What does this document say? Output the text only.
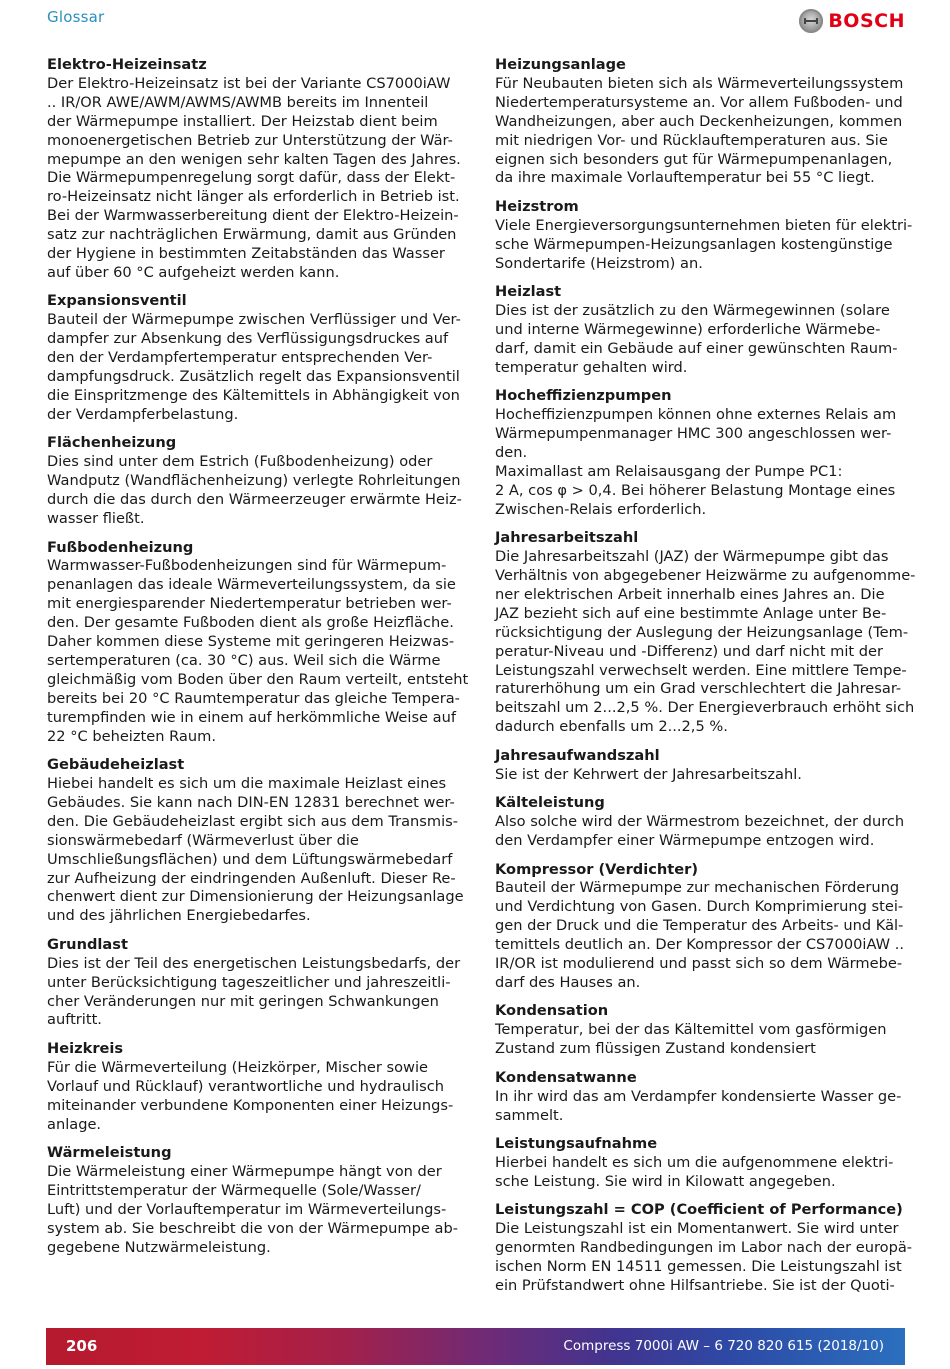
Glossar	BOSCH
Elektro-Heizeinsatz
Der Elektro-Heizeinsatz ist bei der Variante CS7000iAW
.. IR/OR AWE/AWM/AWMS/AWMB bereits im Innenteil
der Wärmepumpe installiert. Der Heizstab dient beim
monoenergetischen Betrieb zur Unterstützung der Wär-
mepumpe an den wenigen sehr kalten Tagen des Jahres.
Die Wärmepumpenregelung sorgt dafür, dass der Elekt-
ro-Heizeinsatz nicht länger als erforderlich in Betrieb ist.
Bei der Warmwasserbereitung dient der Elektro-Heizein-
satz zur nachträglichen Erwärmung, damit aus Gründen
der Hygiene in bestimmten Zeitabständen das Wasser
auf über 60 °C aufgeheizt werden kann.
Expansionsventil
Bauteil der Wärmepumpe zwischen Verflüssiger und Ver-
dampfer zur Absenkung des Verflüssigungsdruckes auf
den der Verdampfertemperatur entsprechenden Ver-
dampfungsdruck. Zusätzlich regelt das Expansionsventil
die Einspritzmenge des Kältemittels in Abhängigkeit von
der Verdampferbelastung.
Flächenheizung
Dies sind unter dem Estrich (Fußbodenheizung) oder
Wandputz (Wandflächenheizung) verlegte Rohrleitungen
durch die das durch den Wärmeerzeuger erwärmte Heiz-
wasser fließt.
Fußbodenheizung
Warmwasser-Fußbodenheizungen sind für Wärmepum-
penanlagen das ideale Wärmeverteilungssystem, da sie
mit energiesparender Niedertemperatur betrieben wer-
den. Der gesamte Fußboden dient als große Heizfläche.
Daher kommen diese Systeme mit geringeren Heizwas-
sertemperaturen (ca. 30 °C) aus. Weil sich die Wärme
gleichmäßig vom Boden über den Raum verteilt, entsteht
bereits bei 20 °C Raumtemperatur das gleiche Tempera-
turempfinden wie in einem auf herkömmliche Weise auf
22 °C beheizten Raum.
Gebäudeheizlast
Hiebei handelt es sich um die maximale Heizlast eines
Gebäudes. Sie kann nach DIN-EN 12831 berechnet wer-
den. Die Gebäudeheizlast ergibt sich aus dem Transmis-
sionswärmebedarf (Wärmeverlust über die
Umschließungsflächen) und dem Lüftungswärmebedarf
zur Aufheizung der eindringenden Außenluft. Dieser Re-
chenwert dient zur Dimensionierung der Heizungsanlage
und des jährlichen Energiebedarfes.
Grundlast
Dies ist der Teil des energetischen Leistungsbedarfs, der
unter Berücksichtigung tageszeitlicher und jahreszeitli-
cher Veränderungen nur mit geringen Schwankungen
auftritt.
Heizkreis
Für die Wärmeverteilung (Heizkörper, Mischer sowie
Vorlauf und Rücklauf) verantwortliche und hydraulisch
miteinander verbundene Komponenten einer Heizungs-
anlage.
Wärmeleistung
Die Wärmeleistung einer Wärmepumpe hängt von der
Eintrittstemperatur der Wärmequelle (Sole/Wasser/
Luft) und der Vorlauftemperatur im Wärmeverteilungs-
system ab. Sie beschreibt die von der Wärmepumpe ab-
gegebene Nutzwärmeleistung.
Heizungsanlage
Für Neubauten bieten sich als Wärmeverteilungssystem
Niedertemperatursysteme an. Vor allem Fußboden- und
Wandheizungen, aber auch Deckenheizungen, kommen
mit niedrigen Vor- und Rücklauftemperaturen aus. Sie
eignen sich besonders gut für Wärmepumpenanlagen,
da ihre maximale Vorlauftemperatur bei 55 °C liegt.
Heizstrom
Viele Energieversorgungsunternehmen bieten für elektri-
sche Wärmepumpen-Heizungsanlagen kostengünstige
Sondertarife (Heizstrom) an.
Heizlast
Dies ist der zusätzlich zu den Wärmegewinnen (solare
und interne Wärmegewinne) erforderliche Wärmebe-
darf, damit ein Gebäude auf einer gewünschten Raum-
temperatur gehalten wird.
Hocheffizienzpumpen
Hocheffizienzpumpen können ohne externes Relais am
Wärmepumpenmanager HMC 300 angeschlossen wer-
den.
Maximallast am Relaisausgang der Pumpe PC1:
2 A, cos φ > 0,4. Bei höherer Belastung Montage eines
Zwischen-Relais erforderlich.
Jahresarbeitszahl
Die Jahresarbeitszahl (JAZ) der Wärmepumpe gibt das
Verhältnis von abgegebener Heizwärme zu aufgenomme-
ner elektrischen Arbeit innerhalb eines Jahres an. Die
JAZ bezieht sich auf eine bestimmte Anlage unter Be-
rücksichtigung der Auslegung der Heizungsanlage (Tem-
peratur-Niveau und -Differenz) und darf nicht mit der
Leistungszahl verwechselt werden. Eine mittlere Tempe-
raturerhöhung um ein Grad verschlechtert die Jahresar-
beitszahl um 2...2,5 %. Der Energieverbrauch erhöht sich
dadurch ebenfalls um 2...2,5 %.
Jahresaufwandszahl
Sie ist der Kehrwert der Jahresarbeitszahl.
Kälteleistung
Also solche wird der Wärmestrom bezeichnet, der durch
den Verdampfer einer Wärmepumpe entzogen wird.
Kompressor (Verdichter)
Bauteil der Wärmepumpe zur mechanischen Förderung
und Verdichtung von Gasen. Durch Komprimierung stei-
gen der Druck und die Temperatur des Arbeits- und Käl-
temittels deutlich an. Der Kompressor der CS7000iAW ..
IR/OR ist modulierend und passt sich so dem Wärmebe-
darf des Hauses an.
Kondensation
Temperatur, bei der das Kältemittel vom gasförmigen
Zustand zum flüssigen Zustand kondensiert
Kondensatwanne
In ihr wird das am Verdampfer kondensierte Wasser ge-
sammelt.
Leistungsaufnahme
Hierbei handelt es sich um die aufgenommene elektri-
sche Leistung. Sie wird in Kilowatt angegeben.
Leistungszahl = COP (Coefficient of Performance)
Die Leistungszahl ist ein Momentanwert. Sie wird unter
genormten Randbedingungen im Labor nach der europä-
ischen Norm EN 14511 gemessen. Die Leistungszahl ist
ein Prüfstandwert ohne Hilfsantriebe. Sie ist der Quoti-
206	Compress 7000i AW – 6 720 820 615 (2018/10)
